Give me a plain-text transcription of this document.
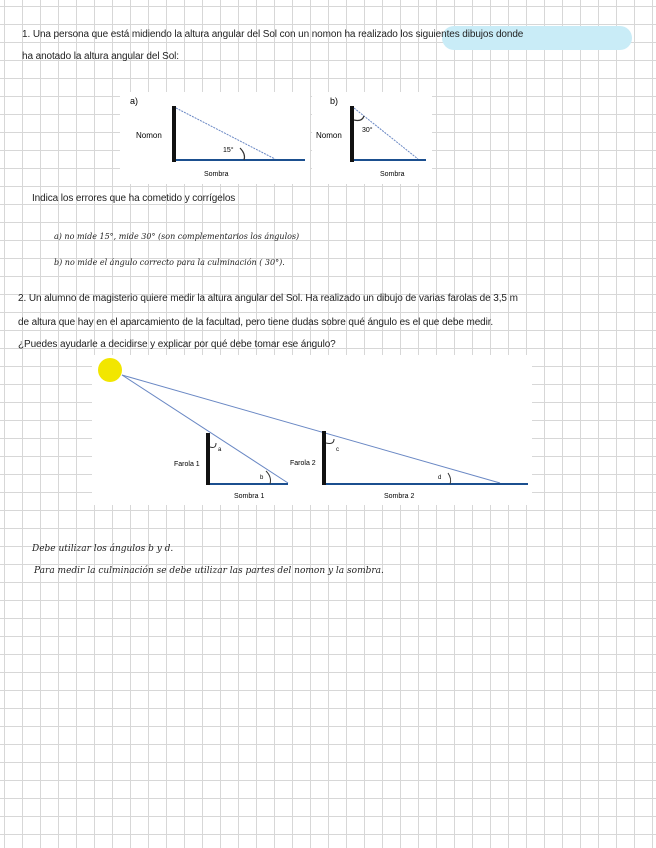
1. Una persona que está midiendo la altura angular del Sol con un nomon ha realizado los siguientes dibujos donde
ha anotado la altura angular del Sol:
a)
Nomon
15°
Sombra
b)
Nomon
30°
Sombra
Indica los errores que ha cometido y corrígelos
a) no mide 15°, mide 30° (son complementarios los ángulos)
b) no mide el ángulo correcto para la culminación ( 30°).
2. Un alumno de magisterio quiere medir la altura angular del Sol. Ha realizado un dibujo de varias farolas de 3,5 m
de altura que hay en el aparcamiento de la facultad, pero tiene dudas sobre qué ángulo es el que debe medir.
¿Puedes ayudarle a decidirse y explicar por qué debe tomar ese ángulo?
a
b
c
d
Farola 1	Farola 2
Sombra 1	Sombra 2
Debe utilizar los ángulos b y d.
Para medir la culminación se debe utilizar las partes del nomon y la sombra.
